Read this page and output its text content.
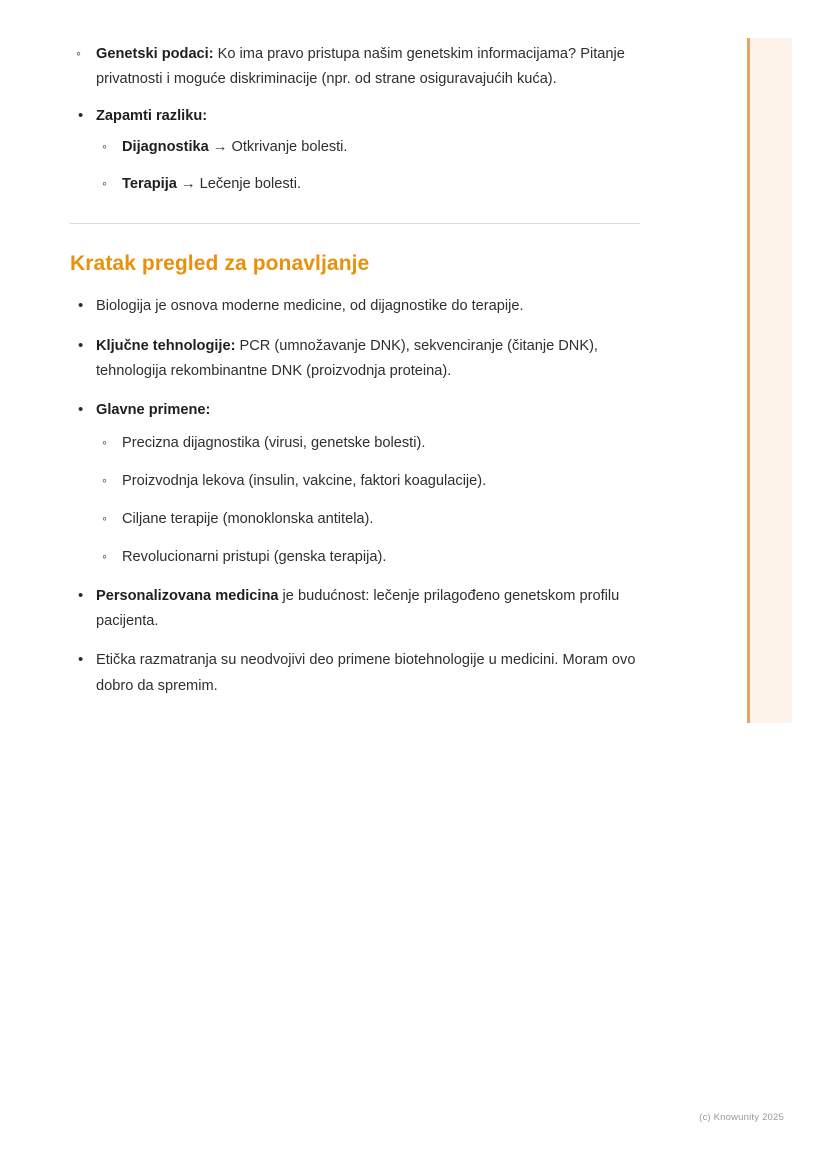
◦ Genetski podaci: Ko ima pravo pristupa našim genetskim informacijama? Pitanje privatnosti i moguće diskriminacije (npr. od strane osiguravajućih kuća).
• Zapamti razliku:
◦ Dijagnostika → Otkrivanje bolesti.
◦ Terapija → Lečenje bolesti.
Kratak pregled za ponavljanje
• Biologija je osnova moderne medicine, od dijagnostike do terapije.
• Ključne tehnologije: PCR (umnožavanje DNK), sekvenciranje (čitanje DNK), tehnologija rekombinantne DNK (proizvodnja proteina).
• Glavne primene:
◦ Precizna dijagnostika (virusi, genetske bolesti).
◦ Proizvodnja lekova (insulin, vakcine, faktori koagulacije).
◦ Ciljane terapije (monoklonska antitela).
◦ Revolucionarni pristupi (genska terapija).
• Personalizovana medicina je budućnost: lečenje prilagođeno genetskom profilu pacijenta.
• Etička razmatranja su neodvojivi deo primene biotehnologije u medicini. Moram ovo dobro da spremim.
(c) Knowunity 2025
